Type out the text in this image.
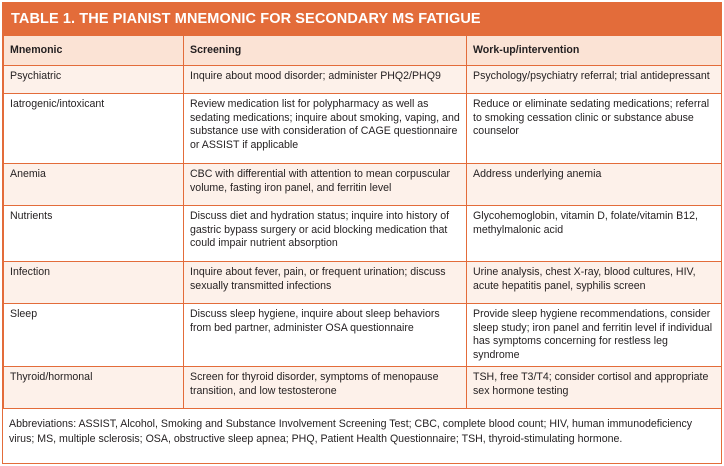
TABLE 1. THE PIANIST MNEMONIC FOR SECONDARY MS FATIGUE
Mnemonic	Screening	Work-up/intervention
Psychiatric	Inquire about mood disorder; administer PHQ2/PHQ9	Psychology/psychiatry referral; trial antidepressant
Iatrogenic/intoxicant	Review medication list for polypharmacy as well as sedating medications; inquire about smoking, vaping, and substance use with consideration of CAGE questionnaire or ASSIST if applicable	Reduce or eliminate sedating medications; referral to smoking cessation clinic or substance abuse counselor
Anemia	CBC with differential with attention to mean corpuscular volume, fasting iron panel, and ferritin level	Address underlying anemia
Nutrients	Discuss diet and hydration status; inquire into history of gastric bypass surgery or acid blocking medication that could impair nutrient absorption	Glycohemoglobin, vitamin D, folate/vitamin B12, methylmalonic acid
Infection	Inquire about fever, pain, or frequent urination; discuss sexually transmitted infections	Urine analysis, chest X-ray, blood cultures, HIV, acute hepatitis panel, syphilis screen
Sleep	Discuss sleep hygiene, inquire about sleep behaviors from bed partner, administer OSA questionnaire	Provide sleep hygiene recommendations, consider sleep study; iron panel and ferritin level if individual has symptoms concerning for restless leg syndrome
Thyroid/hormonal	Screen for thyroid disorder, symptoms of menopause transition, and low testosterone	TSH, free T3/T4; consider cortisol and appropriate sex hormone testing
Abbreviations: ASSIST, Alcohol, Smoking and Substance Involvement Screening Test; CBC, complete blood count; HIV, human immunodeficiency virus; MS, multiple sclerosis; OSA, obstructive sleep apnea; PHQ, Patient Health Questionnaire; TSH, thyroid-stimulating hormone.
